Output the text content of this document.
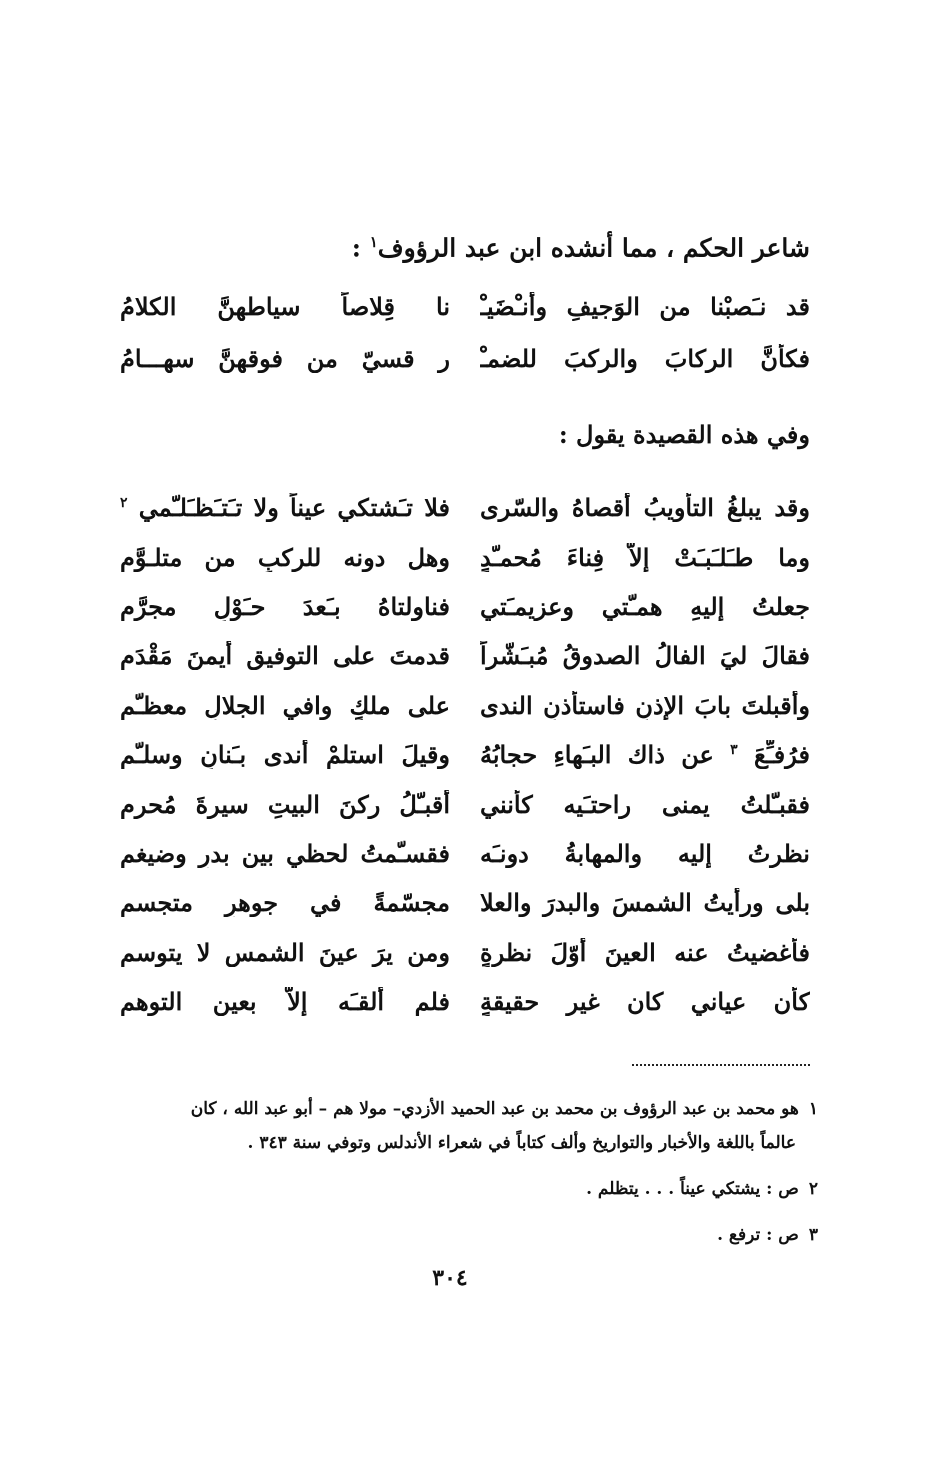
شاعر الحكم ، مما أنشده ابن عبد الرؤوف$^١$ :
قد نـَصبْنا من الوَجيفِ وأنـْضَيـْ
نا قِلاصاً سياطهنَّ الكلامُ
فكأنَّ الركابَ والركبَ للضمـْ
ر قسيّ من فوقهنَّ سهـــامُ
وفي هذه القصيدة يقول :
وقد يبلغُ التأويبُ أقصاهُ والسّرى
فلا تـَشتكي عيناً ولا تـَتـَظـَلـّمي $^٢$
وما طـَلـَبـَتْ إلاّ فِناءَ مُحمـّدٍ
وهل دونه للركبِ من متلـوَّمِ
جعلتُ إليهِ همـّتي وعزيمـَتي
فناولتاهُ بـَعدَ حـَوْلٍ مجرَّمِ
فقالَ ليَ الفالُ الصدوقُ مُبـَشّراً
قدمتَ على التوفيقِ أيمنَ مَقْدَمِ
وأقبلتَ بابَ الإذنِ فاستأذنِ الندى
على ملكٍ وافي الجلالِ معظـّمِ
فرُفـِّعَ $^٣$ عن ذاك البـَهاءِ حجابُهُ
وقيلَ استلمْ أندى بـَنانٍ وسلـّمِ
فقبـّلتُ يمنى راحتـَيه كأنني
أقبـّلُ ركنَ البيتِ سيرةَ مُحرمِ
نظرتُ إليه والمهابةُ دونـَه
فقسـّمتُ لحظي بين بدرٍ وضيغمِ
بلى ورأيتُ الشمسَ والبدرَ والعلا
مجسّمةً في جوهرٍ متجسمِ
فأغضيتُ عنه العينَ أوّلَ نظرةٍ
ومن يرَ عينَ الشمسِ لا يتوسمِ
كأن عياني كان غير حقيقةٍ
فلم ألقـَه إلاّ بعين التوهم
١هو محمد بن عبد الرؤوف بن محمد بن عبد الحميد الأزدي– مولا هم – أبو عبد الله ، كان
عالماً باللغة والأخبار والتواريخ وألف كتاباً في شعراء الأندلس وتوفي سنة ٣٤٣ .
٢ص : يشتكي عيناً . . . يتظلم .
٣ص : ترفع .
٣٠٤
